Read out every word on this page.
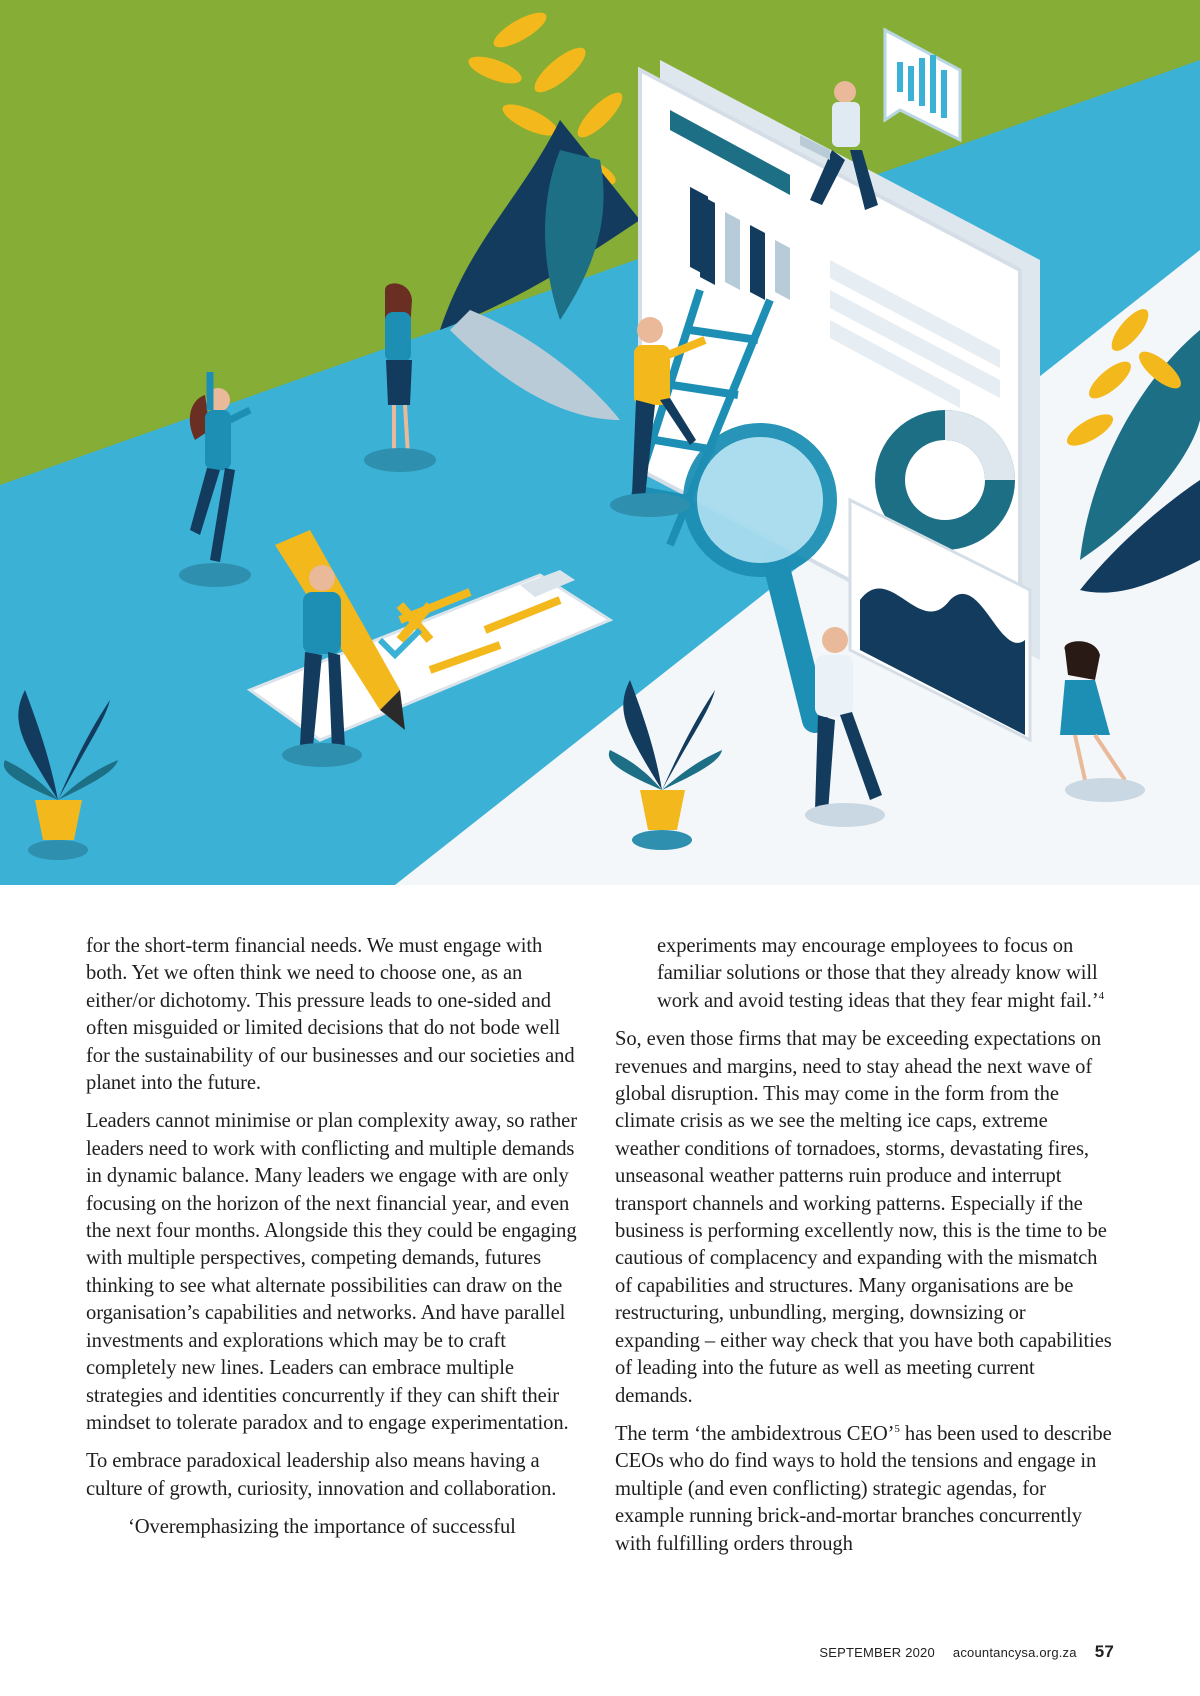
for the short-term financial needs. We must engage with both. Yet we often think we need to choose one, as an either/or dichotomy. This pressure leads to one-sided and often misguided or limited decisions that do not bode well for the sustainability of our businesses and our societies and planet into the future.

Leaders cannot minimise or plan complexity away, so rather leaders need to work with conflicting and multiple demands in dynamic balance. Many leaders we engage with are only focusing on the horizon of the next financial year, and even the next four months. Alongside this they could be engaging with multiple perspectives, competing demands, futures thinking to see what alternate possibilities can draw on the organisation’s capabilities and networks. And have parallel investments and explorations which may be to craft completely new lines. Leaders can embrace multiple strategies and identities concurrently if they can shift their mindset to tolerate paradox and to engage experimentation.

To embrace paradoxical leadership also means having a culture of growth, curiosity, innovation and collaboration.

‘Overemphasizing the importance of successful

experiments may encourage employees to focus on familiar solutions or those that they already know will work and avoid testing ideas that they fear might fail.’$^4$

So, even those firms that may be exceeding expectations on revenues and margins, need to stay ahead the next wave of global disruption. This may come in the form from the climate crisis as we see the melting ice caps, extreme weather conditions of tornadoes, storms, devastating fires, unseasonal weather patterns ruin produce and interrupt transport channels and working patterns. Especially if the business is performing excellently now, this is the time to be cautious of complacency and expanding with the mismatch of capabilities and structures. Many organisations are be restructuring, unbundling, merging, downsizing or expanding – either way check that you have both capabilities of leading into the future as well as meeting current demands.

The term ‘the ambidextrous CEO’$^5$ has been used to describe CEOs who do find ways to hold the tensions and engage in multiple (and even conflicting) strategic agendas, for example running brick-and-mortar branches concurrently with fulfilling orders through

SEPTEMBER 2020 acountancysa.org.za 57
